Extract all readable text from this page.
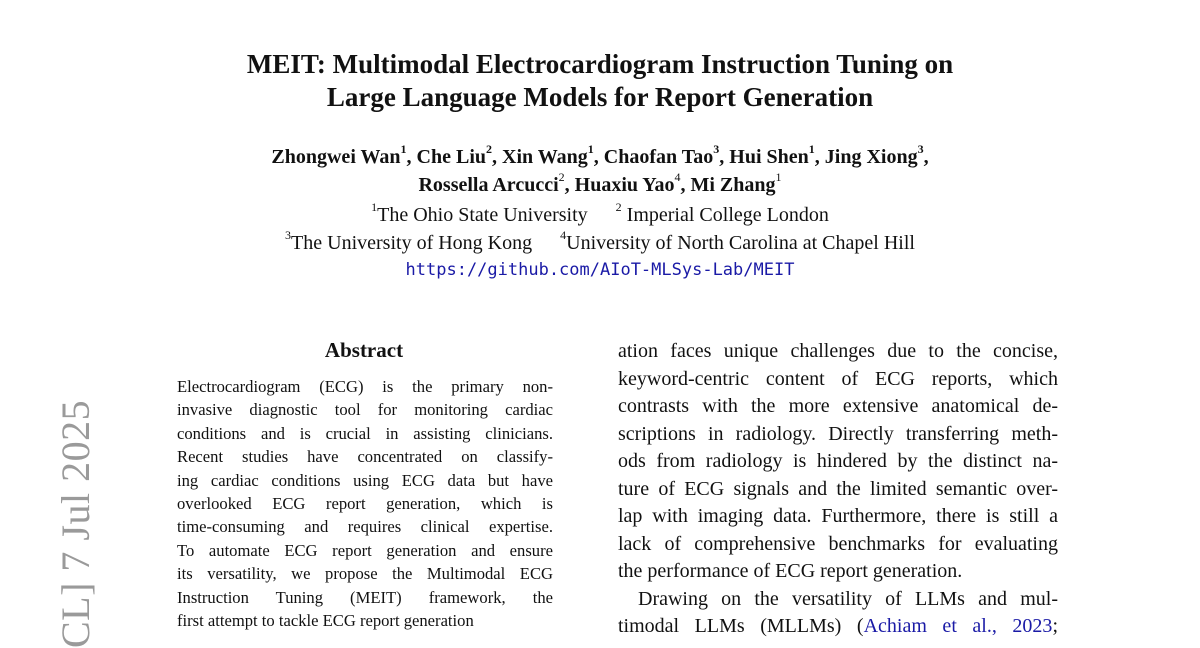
CL] 7 Jul 2025
MEIT: Multimodal Electrocardiogram Instruction Tuning on
Large Language Models for Report Generation
Zhongwei Wan$^1$, Che Liu$^2$, Xin Wang$^1$, Chaofan Tao$^3$, Hui Shen$^1$, Jing Xiong$^3$,
Rossella Arcucci$^2$, Huaxiu Yao$^4$, Mi Zhang$^1$
$^1$The Ohio State University $^2$ Imperial College London
$^3$The University of Hong Kong $^4$University of North Carolina at Chapel Hill
https://github.com/AIoT-MLSys-Lab/MEIT
Abstract
Electrocardiogram (ECG) is the primary non-
invasive diagnostic tool for monitoring cardiac
conditions and is crucial in assisting clinicians.
Recent studies have concentrated on classify-
ing cardiac conditions using ECG data but have
overlooked ECG report generation, which is
time-consuming and requires clinical expertise.
To automate ECG report generation and ensure
its versatility, we propose the Multimodal ECG
Instruction Tuning (MEIT) framework, the
first attempt to tackle ECG report generation
ation faces unique challenges due to the concise,
keyword-centric content of ECG reports, which
contrasts with the more extensive anatomical de-
scriptions in radiology. Directly transferring meth-
ods from radiology is hindered by the distinct na-
ture of ECG signals and the limited semantic over-
lap with imaging data. Furthermore, there is still a
lack of comprehensive benchmarks for evaluating
the performance of ECG report generation.
Drawing on the versatility of LLMs and mul-
timodal LLMs (MLLMs) (Achiam et al., 2023;
